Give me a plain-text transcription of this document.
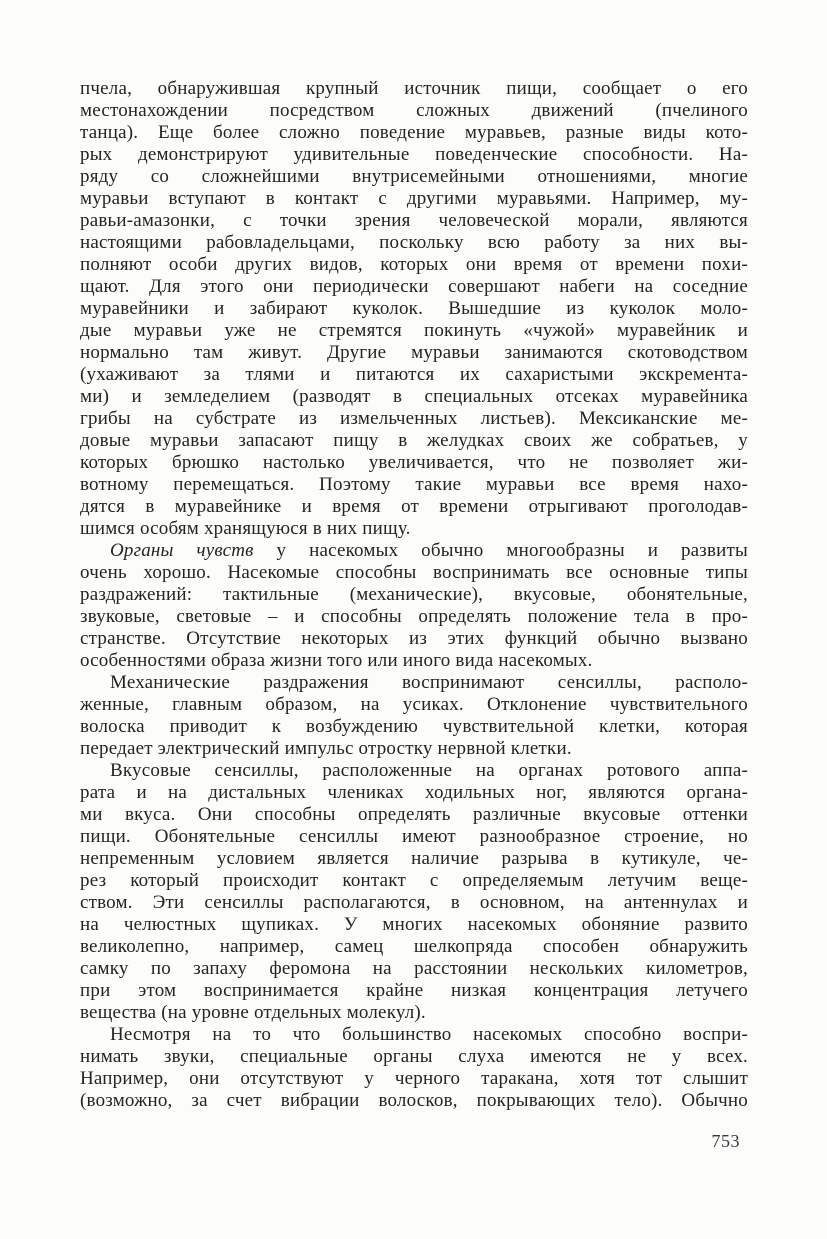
пчела, обнаружившая крупный источник пищи, сообщает о его
местонахождении посредством сложных движений (пчелиного
танца). Еще более сложно поведение муравьев, разные виды кото-
рых демонстрируют удивительные поведенческие способности. На-
ряду со сложнейшими внутрисемейными отношениями, многие
муравьи вступают в контакт с другими муравьями. Например, му-
равьи-амазонки, с точки зрения человеческой морали, являются
настоящими рабовладельцами, поскольку всю работу за них вы-
полняют особи других видов, которых они время от времени похи-
щают. Для этого они периодически совершают набеги на соседние
муравейники и забирают куколок. Вышедшие из куколок моло-
дые муравьи уже не стремятся покинуть «чужой» муравейник и
нормально там живут. Другие муравьи занимаются скотоводством
(ухаживают за тлями и питаются их сахаристыми экскремента-
ми) и земледелием (разводят в специальных отсеках муравейника
грибы на субстрате из измельченных листьев). Мексиканские ме-
довые муравьи запасают пищу в желудках своих же собратьев, у
которых брюшко настолько увеличивается, что не позволяет жи-
вотному перемещаться. Поэтому такие муравьи все время нахо-
дятся в муравейнике и время от времени отрыгивают проголодав-
шимся особям хранящуюся в них пищу.
Органы чувств у насекомых обычно многообразны и развиты
очень хорошо. Насекомые способны воспринимать все основные типы
раздражений: тактильные (механические), вкусовые, обонятельные,
звуковые, световые – и способны определять положение тела в про-
странстве. Отсутствие некоторых из этих функций обычно вызвано
особенностями образа жизни того или иного вида насекомых.
Механические раздражения воспринимают сенсиллы, располо-
женные, главным образом, на усиках. Отклонение чувствительного
волоска приводит к возбуждению чувствительной клетки, которая
передает электрический импульс отростку нервной клетки.
Вкусовые сенсиллы, расположенные на органах ротового аппа-
рата и на дистальных члениках ходильных ног, являются органа-
ми вкуса. Они способны определять различные вкусовые оттенки
пищи. Обонятельные сенсиллы имеют разнообразное строение, но
непременным условием является наличие разрыва в кутикуле, че-
рез который происходит контакт с определяемым летучим веще-
ством. Эти сенсиллы располагаются, в основном, на антеннулах и
на челюстных щупиках. У многих насекомых обоняние развито
великолепно, например, самец шелкопряда способен обнаружить
самку по запаху феромона на расстоянии нескольких километров,
при этом воспринимается крайне низкая концентрация летучего
вещества (на уровне отдельных молекул).
Несмотря на то что большинство насекомых способно воспри-
нимать звуки, специальные органы слуха имеются не у всех.
Например, они отсутствуют у черного таракана, хотя тот слышит
(возможно, за счет вибрации волосков, покрывающих тело). Обычно
753
